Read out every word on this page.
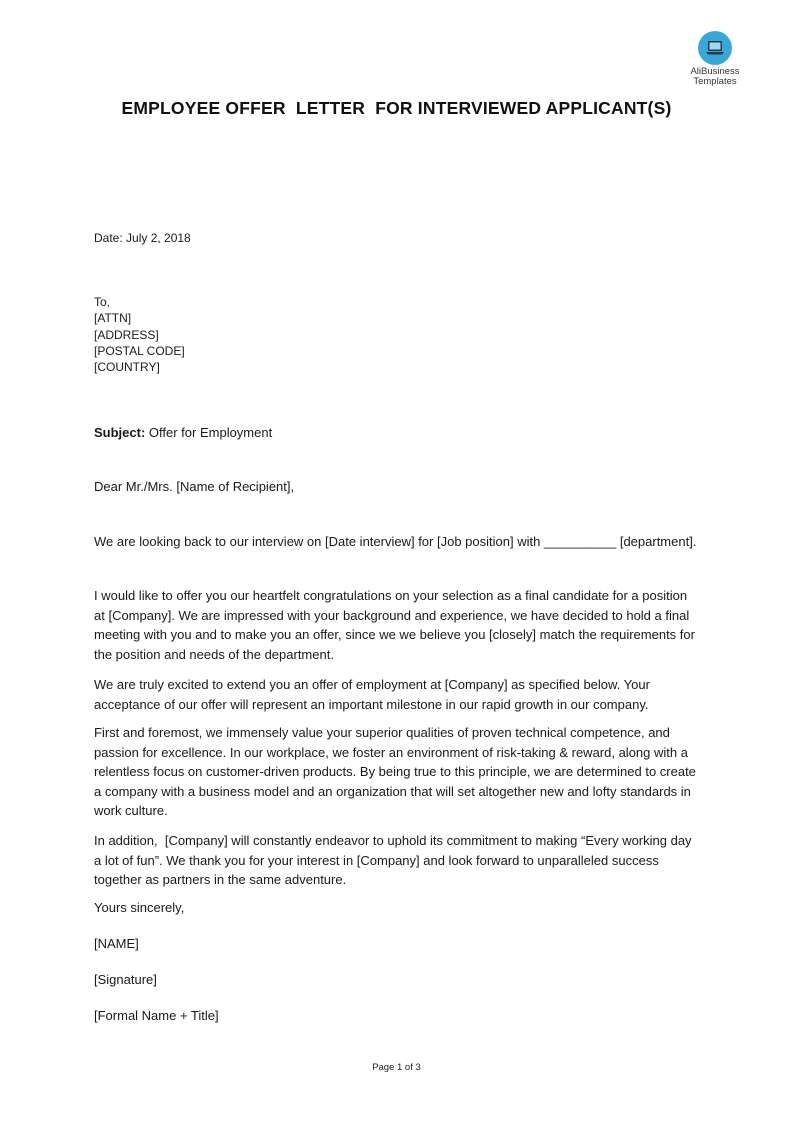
AliBusiness
Templates
EMPLOYEE OFFER  LETTER  FOR INTERVIEWED APPLICANT(S)
Date: July 2, 2018
To,
[ATTN]
[ADDRESS]
[POSTAL CODE]
[COUNTRY]
Subject: Offer for Employment
Dear Mr./Mrs. [Name of Recipient],
We are looking back to our interview on [Date interview] for [Job position] with __________ [department].
I would like to offer you our heartfelt congratulations on your selection as a final candidate for a position at [Company]. We are impressed with your background and experience, we have decided to hold a final meeting with you and to make you an offer, since we we believe you [closely] match the requirements for the position and needs of the department.
We are truly excited to extend you an offer of employment at [Company] as specified below. Your acceptance of our offer will represent an important milestone in our rapid growth in our company.
First and foremost, we immensely value your superior qualities of proven technical competence, and passion for excellence. In our workplace, we foster an environment of risk-taking & reward, along with a relentless focus on customer-driven products. By being true to this principle, we are determined to create a company with a business model and an organization that will set altogether new and lofty standards in work culture.
In addition,  [Company] will constantly endeavor to uphold its commitment to making “Every working day a lot of fun”. We thank you for your interest in [Company] and look forward to unparalleled success together as partners in the same adventure.
Yours sincerely,
[NAME]
[Signature]
[Formal Name + Title]
Page 1 of 3
